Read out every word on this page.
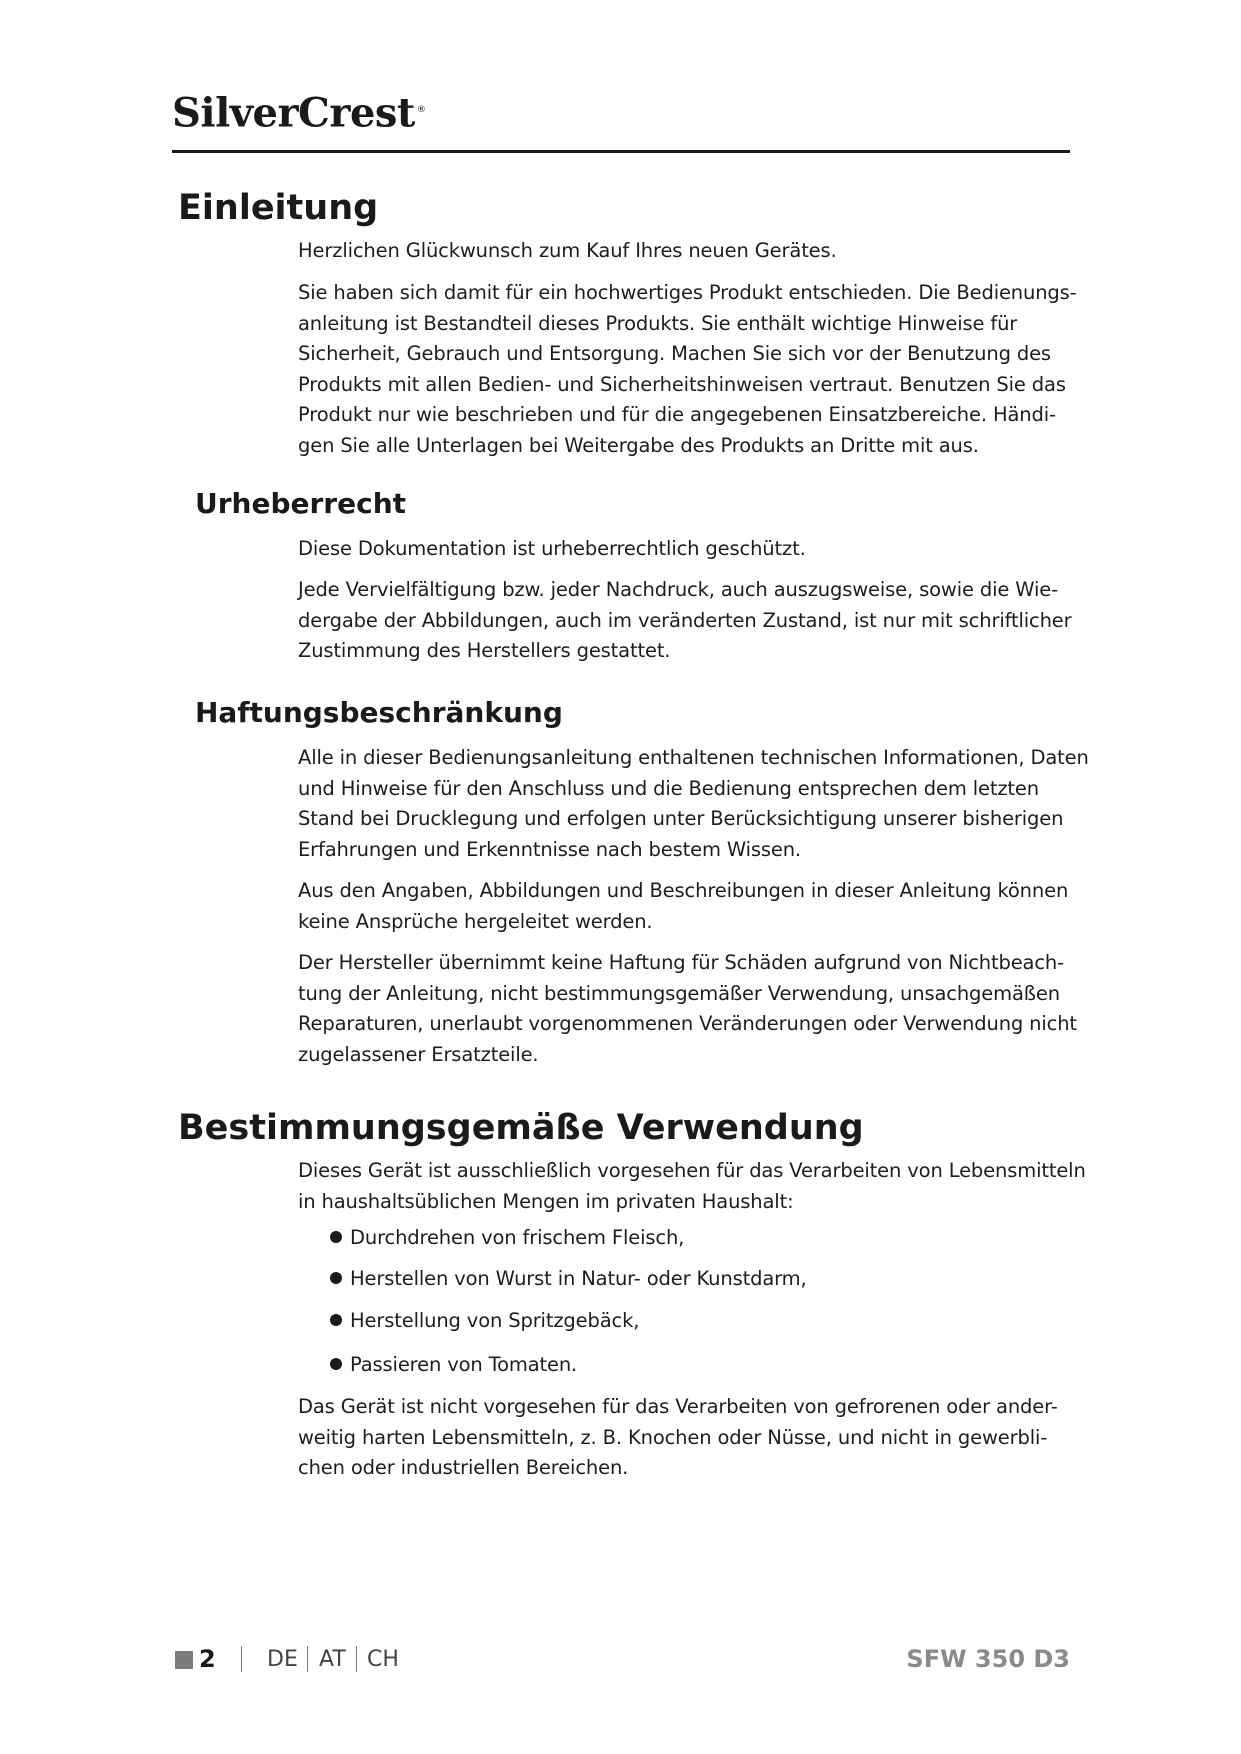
SilverCrest ®
Einleitung
Herzlichen Glückwunsch zum Kauf Ihres neuen Gerätes.
Sie haben sich damit für ein hochwertiges Produkt entschieden. Die Bedienungs-
anleitung ist Bestandteil dieses Produkts. Sie enthält wichtige Hinweise für
Sicherheit, Gebrauch und Entsorgung. Machen Sie sich vor der Benutzung des
Produkts mit allen Bedien- und Sicherheitshinweisen vertraut. Benutzen Sie das
Produkt nur wie beschrieben und für die angegebenen Einsatzbereiche. Händi-
gen Sie alle Unterlagen bei Weitergabe des Produkts an Dritte mit aus.
Urheberrecht
Diese Dokumentation ist urheberrechtlich geschützt.
Jede Vervielfältigung bzw. jeder Nachdruck, auch auszugsweise, sowie die Wie-
dergabe der Abbildungen, auch im veränderten Zustand, ist nur mit schriftlicher
Zustimmung des Herstellers gestattet.
Haftungsbeschränkung
Alle in dieser Bedienungsanleitung enthaltenen technischen Informationen, Daten
und Hinweise für den Anschluss und die Bedienung entsprechen dem letzten
Stand bei Drucklegung und erfolgen unter Berücksichtigung unserer bisherigen
Erfahrungen und Erkenntnisse nach bestem Wissen.
Aus den Angaben, Abbildungen und Beschreibungen in dieser Anleitung können
keine Ansprüche hergeleitet werden.
Der Hersteller übernimmt keine Haftung für Schäden aufgrund von Nichtbeach-
tung der Anleitung, nicht bestimmungsgemäßer Verwendung, unsachgemäßen
Reparaturen, unerlaubt vorgenommenen Veränderungen oder Verwendung nicht
zugelassener Ersatzteile.
Bestimmungsgemäße Verwendung
Dieses Gerät ist ausschließlich vorgesehen für das Verarbeiten von Lebensmitteln
in haushaltsüblichen Mengen im privaten Haushalt:
Durchdrehen von frischem Fleisch,
Herstellen von Wurst in Natur- oder Kunstdarm,
Herstellung von Spritzgebäck,
Passieren von Tomaten.
Das Gerät ist nicht vorgesehen für das Verarbeiten von gefrorenen oder ander-
weitig harten Lebensmitteln, z. B. Knochen oder Nüsse, und nicht in gewerbli-
chen oder industriellen Bereichen.
2 DE AT CH	SFW 350 D3
